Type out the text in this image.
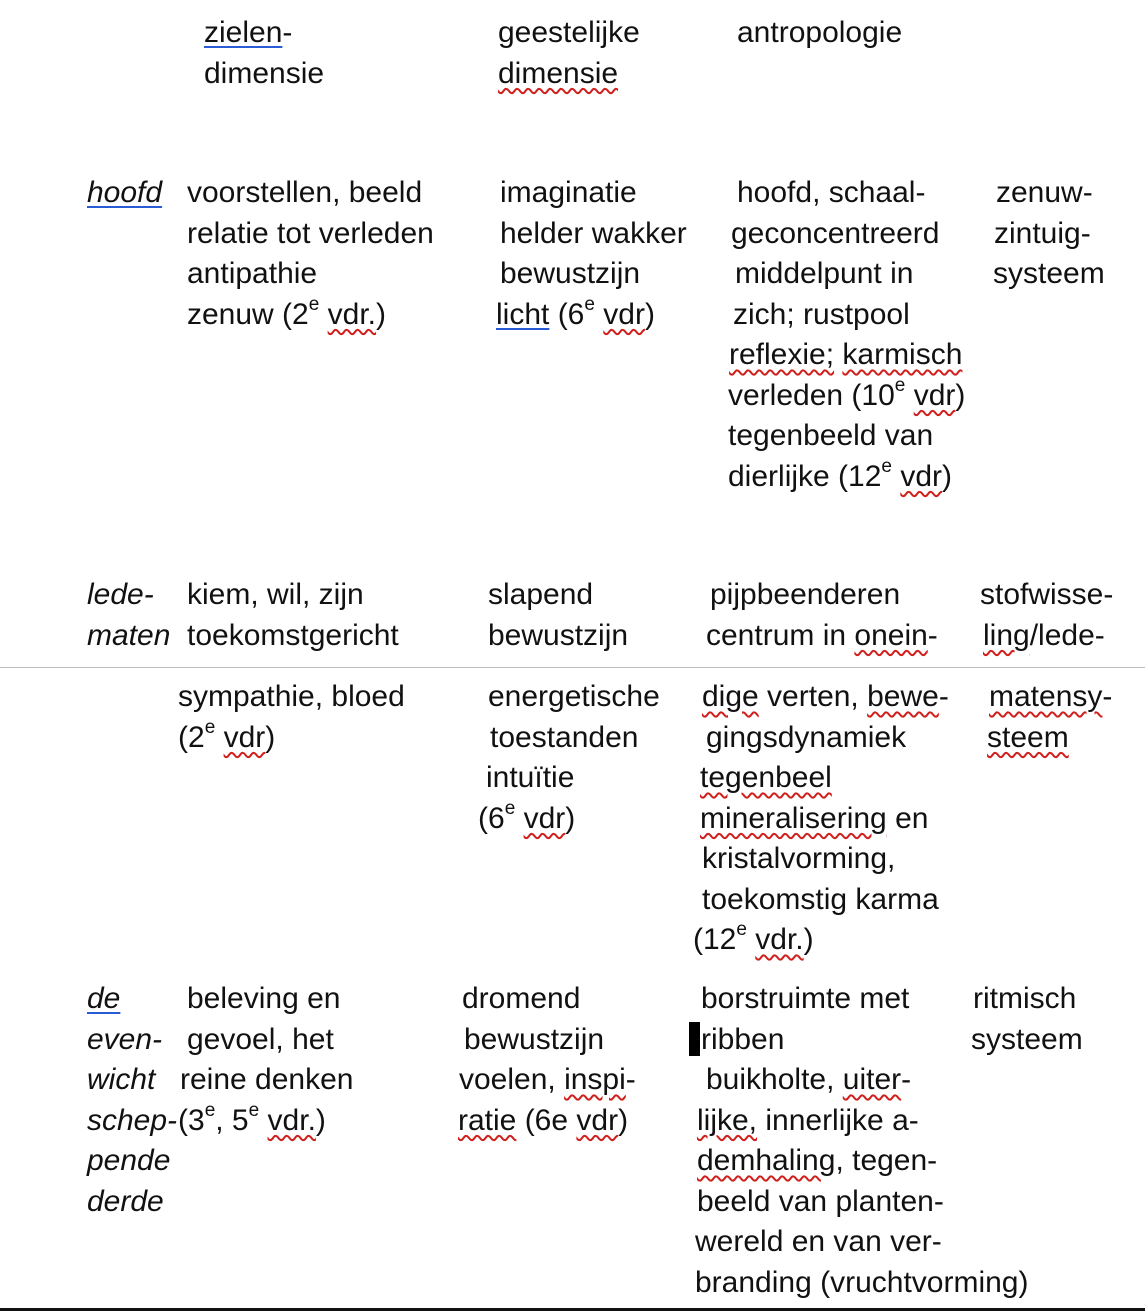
zielen-
dimensie
geestelijke
dimensie
antropologie
hoofd voorstellen, beeld
relatie tot verleden
antipathie
zenuw (2e vdr.)
imaginatie
helder wakker
bewustzijn
licht (6e vdr)
hoofd, schaal-
geconcentreerd
middelpunt in
zich; rustpool
reflexie; karmisch
verleden (10e vdr)
tegenbeeld van
dierlijke (12e vdr)
zenuw-
zintuig-
systeem
lede-
maten
kiem, wil, zijn
toekomstgericht
slapend
bewustzijn
pijpbeenderen
centrum in onein-
stofwisse-
ling/lede-
sympathie, bloed
(2e vdr)
energetische
toestanden
intuïtie
(6e vdr)
dige verten, bewe-
gingsdynamiek
tegenbeel
mineralisering en
kristalvorming,
toekomstig karma
(12e vdr.)
matensy-
steem
de
even-
wicht
schep-
pende
derde
beleving en
gevoel, het
reine denken
(3e, 5e vdr.)
dromend
bewustzijn
voelen, inspi-
ratie (6e vdr)
borstruimte met
ribben
buikholte, uiter-
lijke, innerlijke a-
demhaling, tegen-
beeld van planten-
wereld en van ver-
branding (vruchtvorming)
ritmisch
systeem
